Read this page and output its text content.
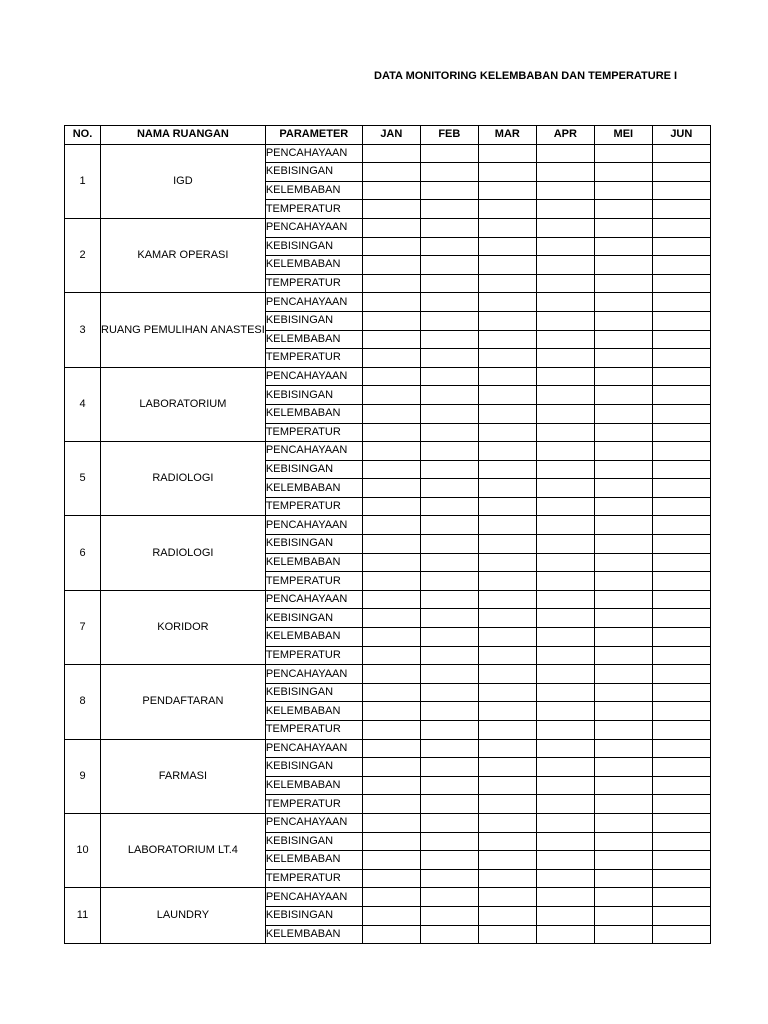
DATA MONITORING KELEMBABAN DAN TEMPERATURE I
NO.	NAMA RUANGAN	PARAMETER	JAN	FEB	MAR	APR	MEI	JUN
1	IGD	PENCAHAYAAN						
		KEBISINGAN						
		KELEMBABAN						
		TEMPERATUR						
2	KAMAR OPERASI	PENCAHAYAAN						
		KEBISINGAN						
		KELEMBABAN						
		TEMPERATUR						
3	RUANG PEMULIHAN ANASTESI	PENCAHAYAAN						
		KEBISINGAN						
		KELEMBABAN						
		TEMPERATUR						
4	LABORATORIUM	PENCAHAYAAN						
		KEBISINGAN						
		KELEMBABAN						
		TEMPERATUR						
5	RADIOLOGI	PENCAHAYAAN						
		KEBISINGAN						
		KELEMBABAN						
		TEMPERATUR						
6	RADIOLOGI	PENCAHAYAAN						
		KEBISINGAN						
		KELEMBABAN						
		TEMPERATUR						
7	KORIDOR	PENCAHAYAAN						
		KEBISINGAN						
		KELEMBABAN						
		TEMPERATUR						
8	PENDAFTARAN	PENCAHAYAAN						
		KEBISINGAN						
		KELEMBABAN						
		TEMPERATUR						
9	FARMASI	PENCAHAYAAN						
		KEBISINGAN						
		KELEMBABAN						
		TEMPERATUR						
10	LABORATORIUM LT.4	PENCAHAYAAN						
		KEBISINGAN						
		KELEMBABAN						
		TEMPERATUR						
11	LAUNDRY	PENCAHAYAAN						
		KEBISINGAN						
		KELEMBABAN						
